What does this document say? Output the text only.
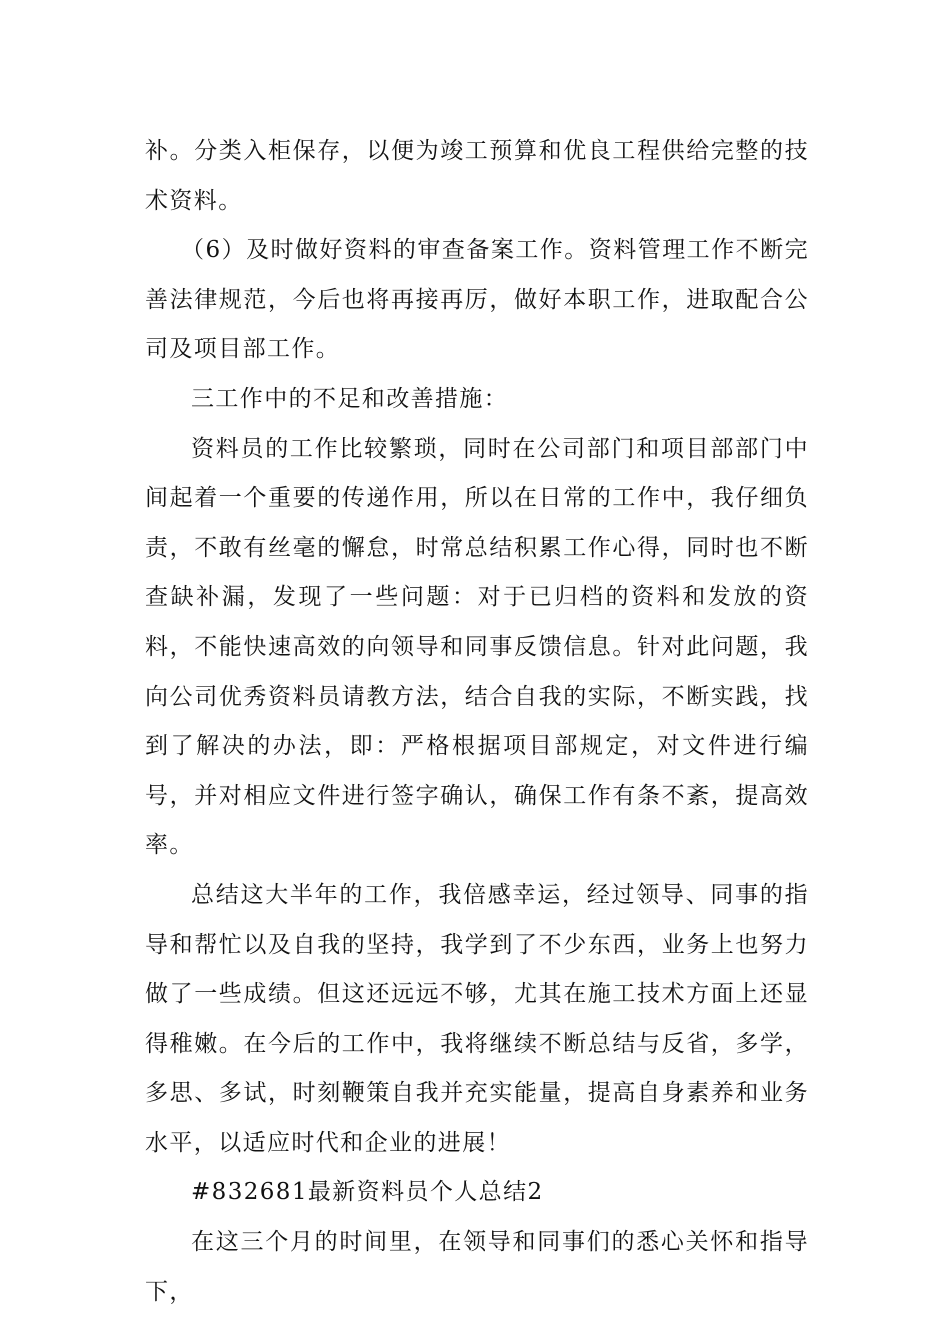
补。分类入柜保存，以便为竣工预算和优良工程供给完整的技术资料。

（6）及时做好资料的审查备案工作。资料管理工作不断完善法律规范，今后也将再接再厉，做好本职工作，进取配合公司及项目部工作。

三工作中的不足和改善措施：

资料员的工作比较繁琐，同时在公司部门和项目部部门中间起着一个重要的传递作用，所以在日常的工作中，我仔细负责，不敢有丝毫的懈怠，时常总结积累工作心得，同时也不断查缺补漏，发现了一些问题：对于已归档的资料和发放的资料，不能快速高效的向领导和同事反馈信息。针对此问题，我向公司优秀资料员请教方法，结合自我的实际，不断实践，找到了解决的办法，即：严格根据项目部规定，对文件进行编号，并对相应文件进行签字确认，确保工作有条不紊，提高效率。

总结这大半年的工作，我倍感幸运，经过领导、同事的指导和帮忙以及自我的坚持，我学到了不少东西，业务上也努力做了一些成绩。但这还远远不够，尤其在施工技术方面上还显得稚嫩。在今后的工作中，我将继续不断总结与反省，多学，多思、多试，时刻鞭策自我并充实能量，提高自身素养和业务水平，以适应时代和企业的进展！

#832681最新资料员个人总结2

在这三个月的时间里，在领导和同事们的悉心关怀和指导下，
